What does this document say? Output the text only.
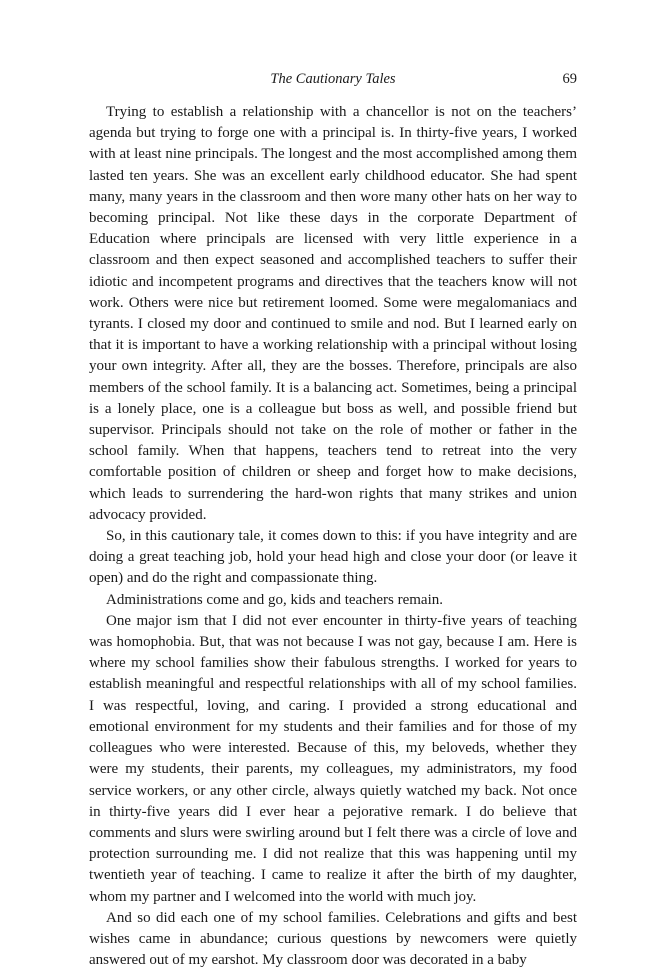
The Cautionary Tales	69

Trying to establish a relationship with a chancellor is not on the teachers’ agenda but trying to forge one with a principal is. In thirty-five years, I worked with at least nine principals. The longest and the most accomplished among them lasted ten years. She was an excellent early childhood educator. She had spent many, many years in the classroom and then wore many other hats on her way to becoming principal. Not like these days in the corporate Department of Education where principals are licensed with very little experience in a classroom and then expect seasoned and accomplished teachers to suffer their idiotic and incompetent programs and directives that the teachers know will not work. Others were nice but retirement loomed. Some were megalomaniacs and tyrants. I closed my door and continued to smile and nod. But I learned early on that it is important to have a working relationship with a principal without losing your own integrity. After all, they are the bosses. Therefore, principals are also members of the school family. It is a balancing act. Sometimes, being a principal is a lonely place, one is a colleague but boss as well, and possible friend but supervisor. Principals should not take on the role of mother or father in the school family. When that happens, teachers tend to retreat into the very comfortable position of children or sheep and forget how to make decisions, which leads to surrendering the hard-won rights that many strikes and union advocacy provided.

So, in this cautionary tale, it comes down to this: if you have integrity and are doing a great teaching job, hold your head high and close your door (or leave it open) and do the right and compassionate thing.

Administrations come and go, kids and teachers remain.

One major ism that I did not ever encounter in thirty-five years of teaching was homophobia. But, that was not because I was not gay, because I am. Here is where my school families show their fabulous strengths. I worked for years to establish meaningful and respectful relationships with all of my school families. I was respectful, loving, and caring. I provided a strong educational and emotional environment for my students and their families and for those of my colleagues who were interested. Because of this, my beloveds, whether they were my students, their parents, my colleagues, my administrators, my food service workers, or any other circle, always quietly watched my back. Not once in thirty-five years did I ever hear a pejorative remark. I do believe that comments and slurs were swirling around but I felt there was a circle of love and protection surrounding me. I did not realize that this was happening until my twentieth year of teaching. I came to realize it after the birth of my daughter, whom my partner and I welcomed into the world with much joy.

And so did each one of my school families. Celebrations and gifts and best wishes came in abundance; curious questions by newcomers were quietly answered out of my earshot. My classroom door was decorated in a baby
